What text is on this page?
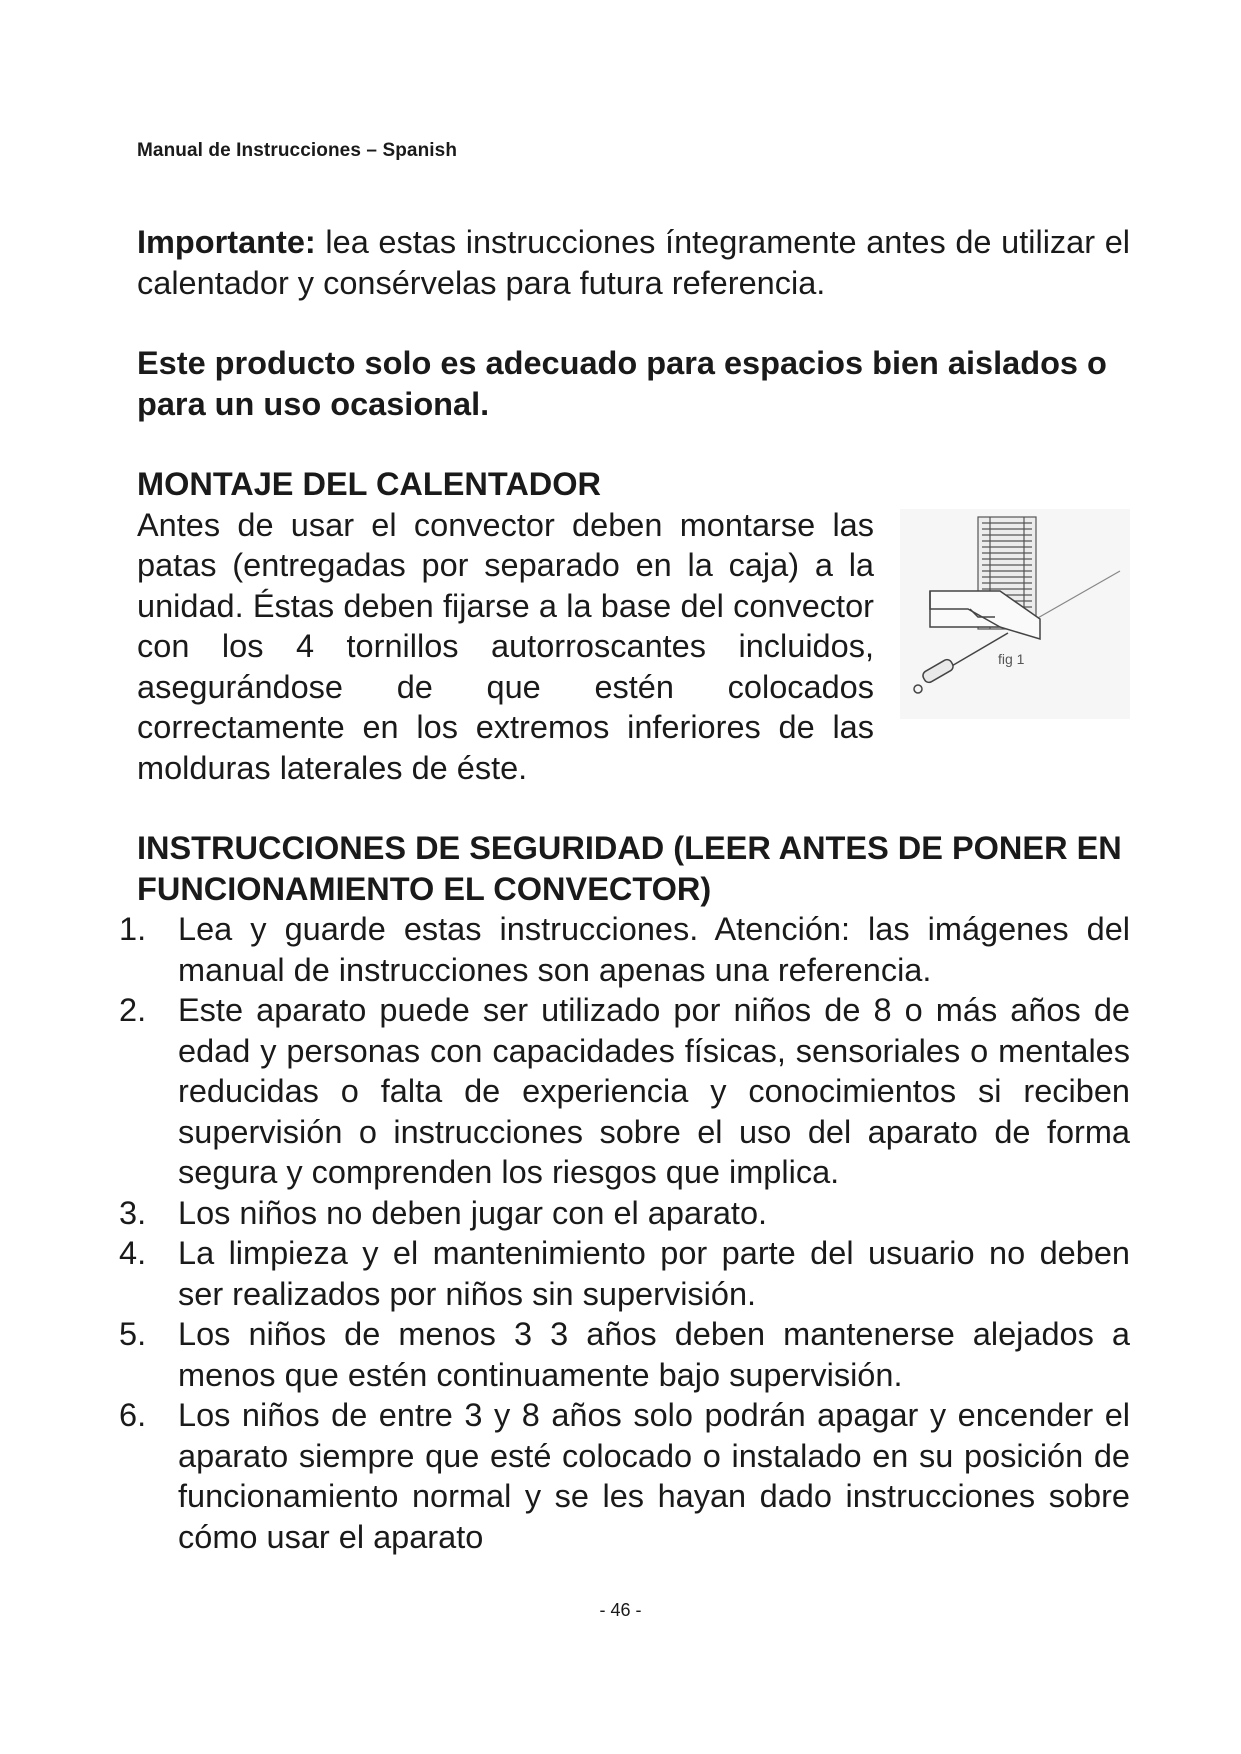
Manual de Instrucciones – Spanish

Importante: lea estas instrucciones íntegramente antes de utilizar el calentador y consérvelas para futura referencia.

Este producto solo es adecuado para espacios bien aislados o para un uso ocasional.

MONTAJE DEL CALENTADOR
fig 1

Antes de usar el convector deben montarse las patas (entregadas por separado en la caja) a la unidad. Éstas deben fijarse a la base del convector con los 4 tornillos autorroscantes incluidos, asegurándose de que estén colocados correctamente en los extremos inferiores de las molduras laterales de éste.

INSTRUCCIONES DE SEGURIDAD (LEER ANTES DE PONER EN FUNCIONAMIENTO EL CONVECTOR)
1. Lea y guarde estas instrucciones. Atención: las imágenes del manual de instrucciones son apenas una referencia.
2. Este aparato puede ser utilizado por niños de 8 o más años de edad y personas con capacidades físicas, sensoriales o mentales reducidas o falta de experiencia y conocimientos si reciben supervisión o instrucciones sobre el uso del aparato de forma segura y comprenden los riesgos que implica.
3. Los niños no deben jugar con el aparato.
4. La limpieza y el mantenimiento por parte del usuario no deben ser realizados por niños sin supervisión.
5. Los niños de menos 3 3 años deben mantenerse alejados a menos que estén continuamente bajo supervisión.
6. Los niños de entre 3 y 8 años solo podrán apagar y encender el aparato siempre que esté colocado o instalado en su posición de funcionamiento normal y se les hayan dado instrucciones sobre cómo usar el aparato
- 46 -
